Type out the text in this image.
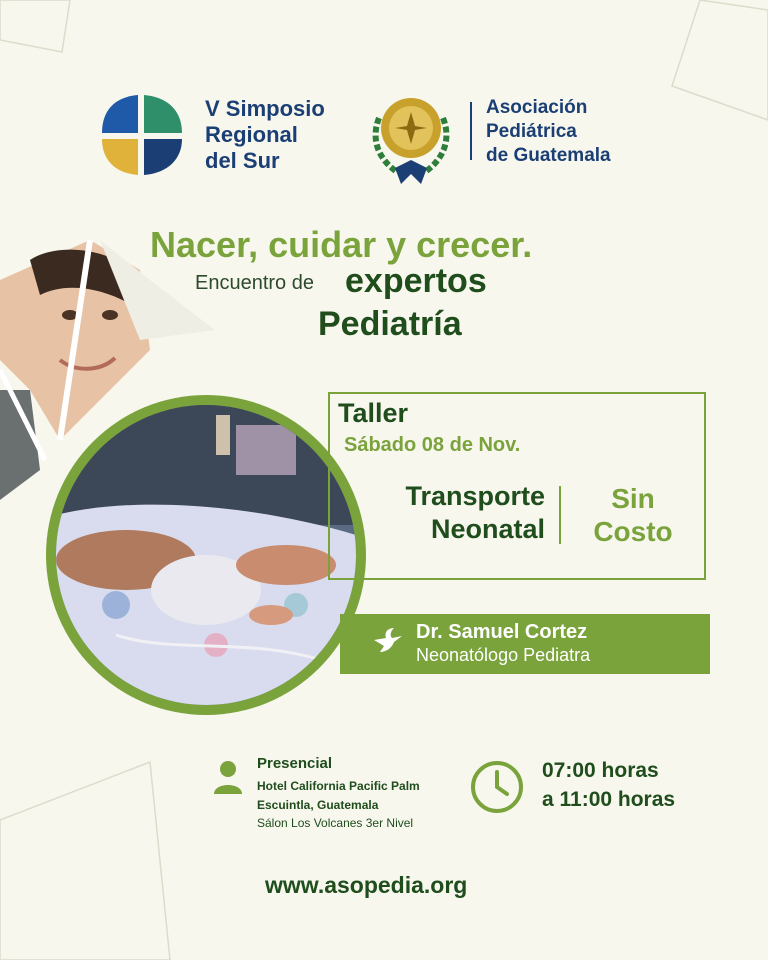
V Simposio
Regional
del Sur
Asociación
Pediátrica
de Guatemala
Nacer, cuidar y crecer.
Encuentro de expertos
Pediatría
Taller
Sábado 08 de Nov.
Transporte
Neonatal
Sin
Costo
Dr. Samuel Cortez
Neonatólogo Pediatra
Presencial
Hotel California Pacific Palm
Escuintla, Guatemala
Sálon Los Volcanes 3er Nivel
07:00 horas
a 11:00 horas
www.asopedia.org
